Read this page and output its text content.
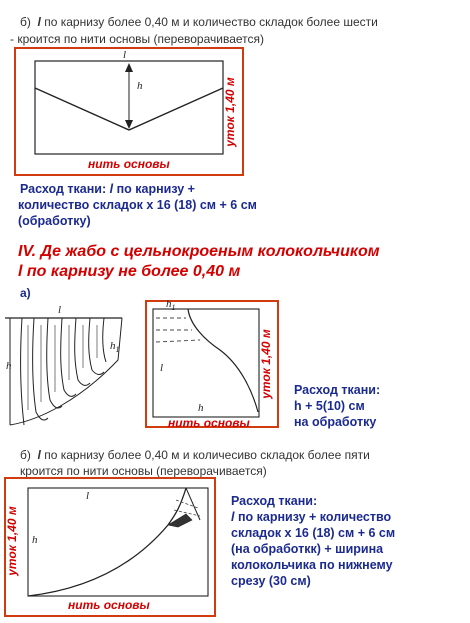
б) l по карнизу более 0,40 м и количество складок более шести
- кроится по нити основы (переворачивается)
l
h	уток 1,40 м
нить основы
Расход ткани: l по карнизу +
количество складок х 16 (18) см + 6 см
(обработку)
IV. Де жабо с цельнокроеным колокольчиком
l по карнизу не более 0,40 м
а)
l
h
$h_1$
$h_1$
l
h
уток 1,40 м
нить основы
Расход ткани:
h + 5(10) см
на обработку
б) l по карнизу более 0,40 м и количесиво складок более пяти
кроится по нити основы (переворачивается)
l
h
уток 1,40 м
нить основы
Расход ткани:
l по карнизу + количество
складок х 16 (18) см + 6 см
(на обработкк) + ширина
колокольчика по нижнему
срезу (30 см)
